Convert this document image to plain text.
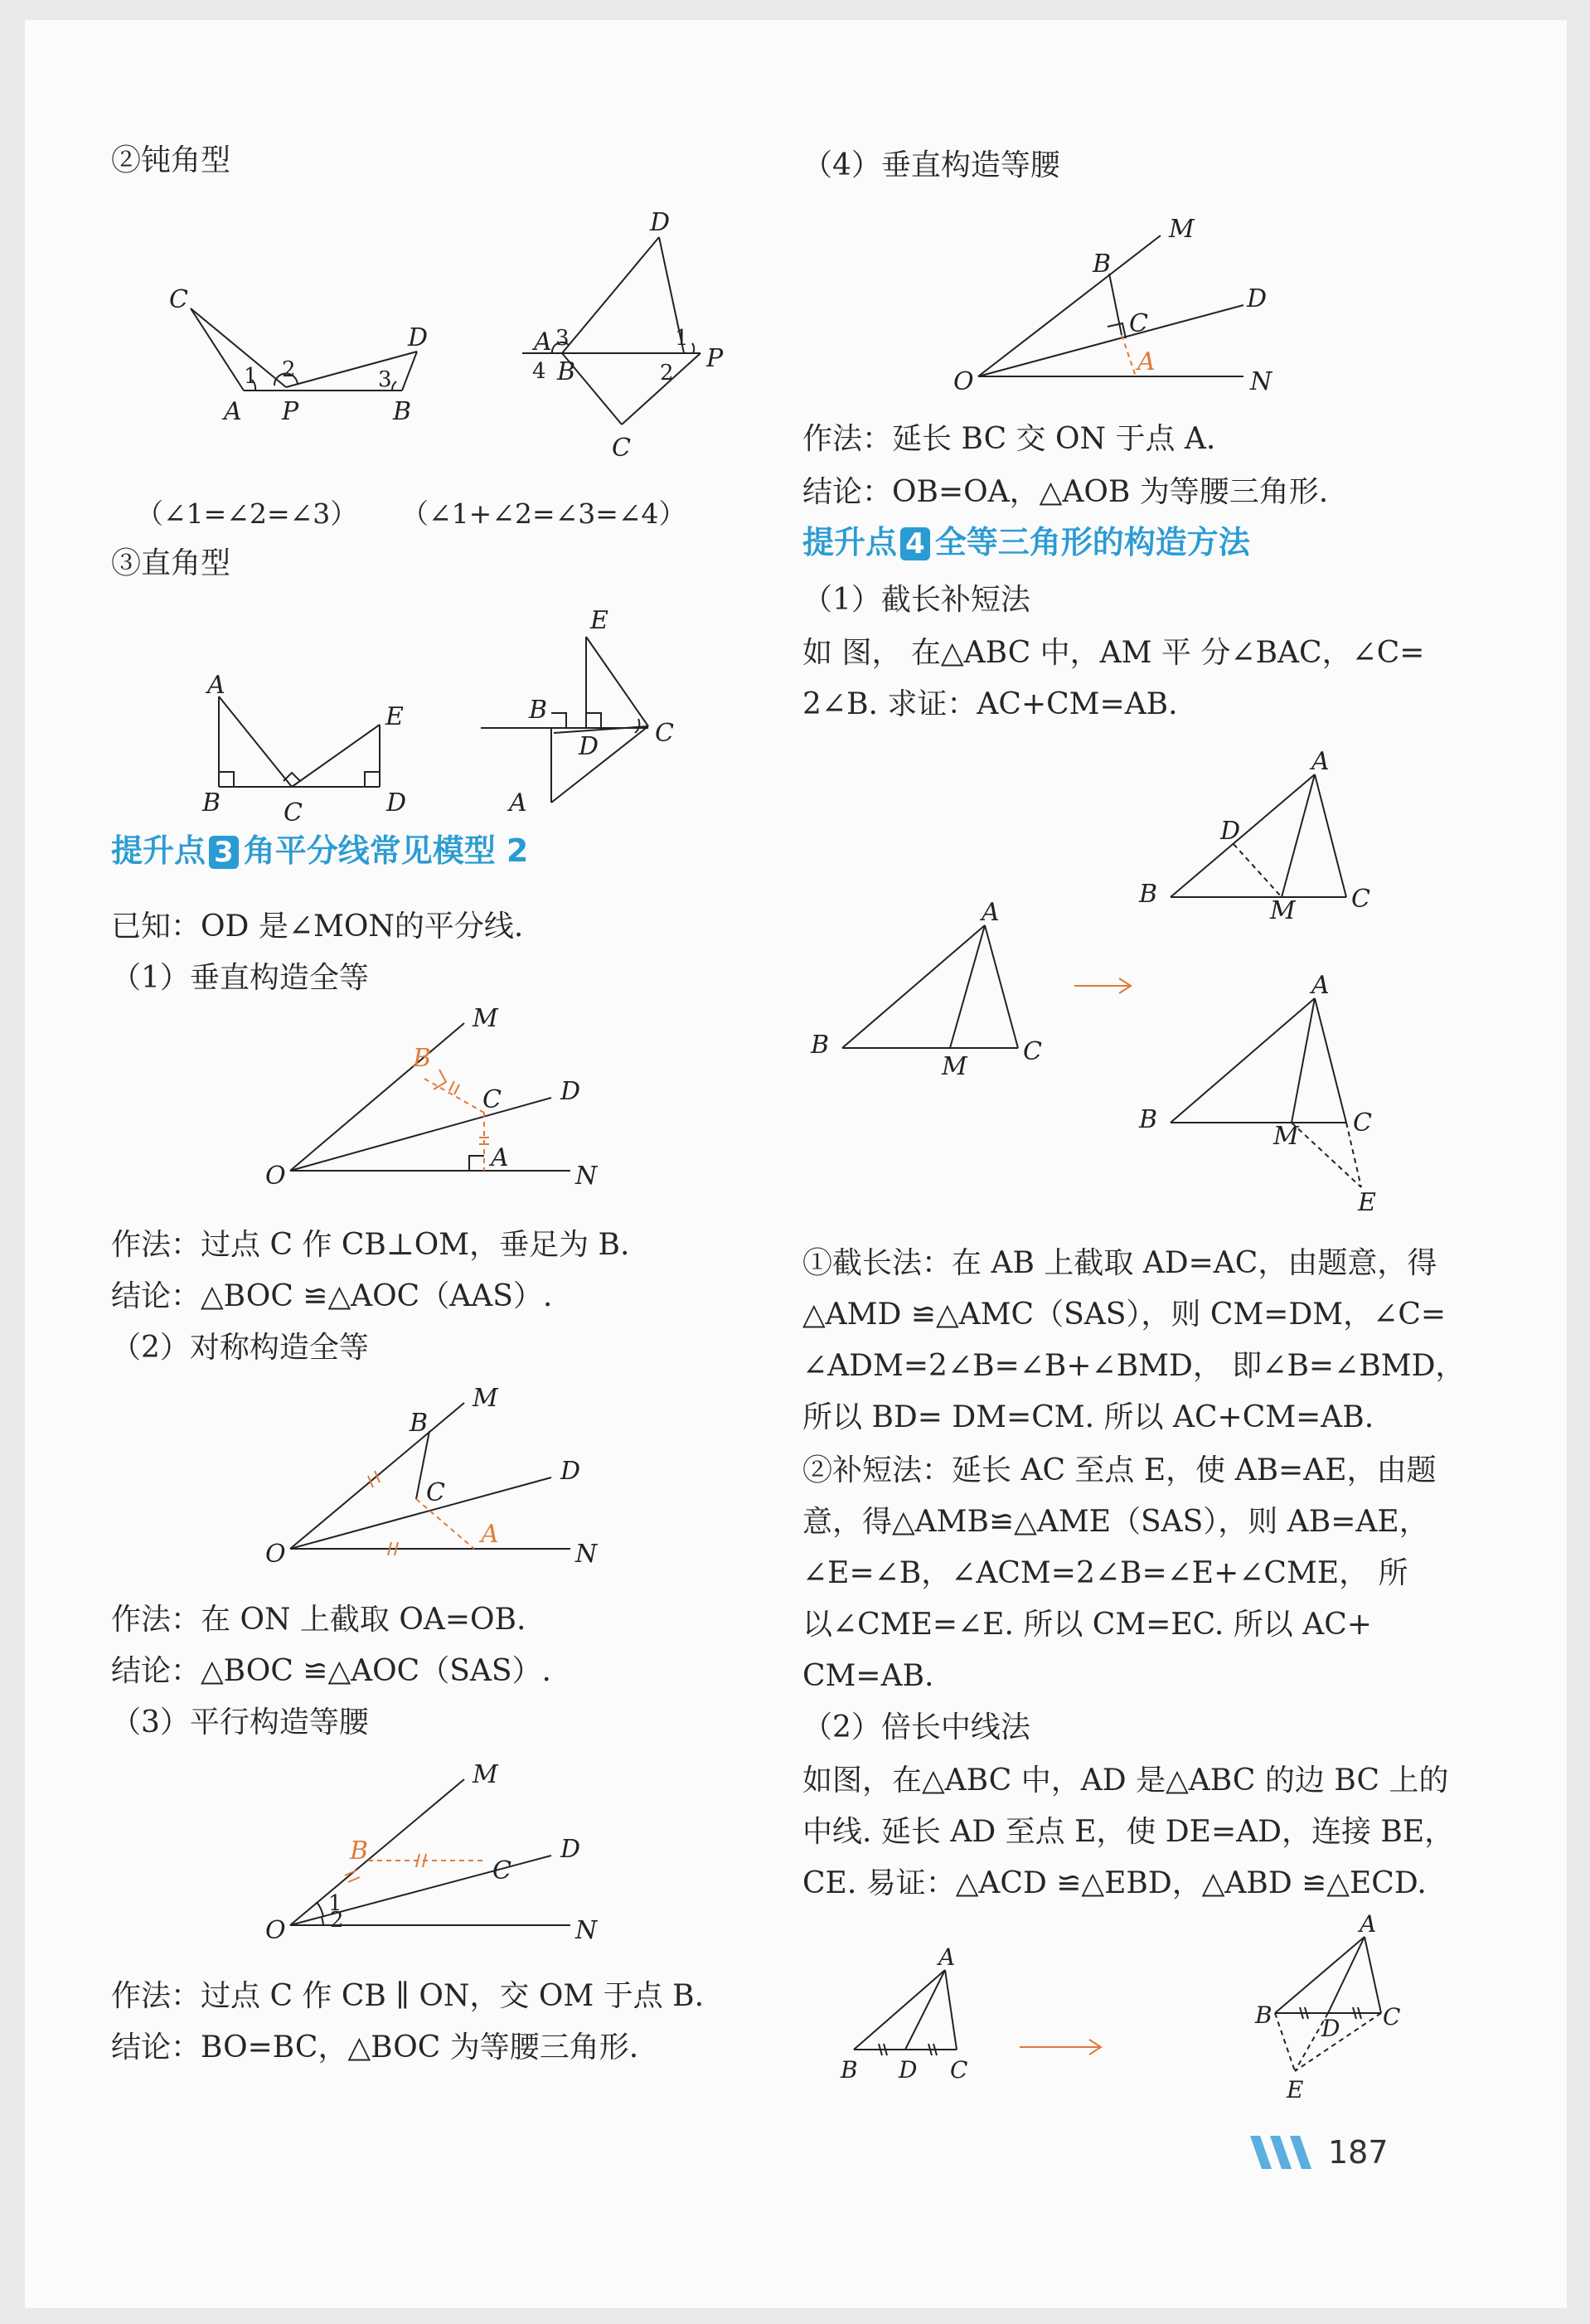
②钝角型
C
1 2	3
D
A P	B
D
3
A	1
P
4 B	2
C
（∠1=∠2=∠3） （∠1+∠2=∠3=∠4）
③直角型
A
E
B	C	D
E
B
D C
A
提升点 3 角平分线常见模型 2
已知：OD 是∠MON的平分线.
（1）垂直构造全等
M
B
C D
A
O	N
作法：过点 C 作 CB⊥OM，垂足为 B.
结论：△BOC ≌△AOC（AAS）.
（2）对称构造全等
M
B
C
D
A
O	N
作法：在 ON 上截取 OA=OB.
结论：△BOC ≌△AOC（SAS）.
（3）平行构造等腰
M
B
C
D
1
2
O	N
作法：过点 C 作 CB ∥ ON，交 OM 于点 B.
结论：BO=BC，△BOC 为等腰三角形.
（4）垂直构造等腰
M
B
C
D
A
O	N
作法：延长 BC 交 ON 于点 A.
结论：OB=OA，△AOB 为等腰三角形.
提升点 4 全等三角形的构造方法
（1）截长补短法
如 图， 在△ABC 中，AM 平 分∠BAC，∠C=
2∠B. 求证：AC+CM=AB.
A
D
B
M C
A
B
M
C
A
B
M C
E
①截长法：在 AB 上截取 AD=AC，由题意，得
△AMD ≌△AMC（SAS），则 CM=DM，∠C=
∠ADM=2∠B=∠B+∠BMD， 即∠B=∠BMD，
所以 BD= DM=CM. 所以 AC+CM=AB.
②补短法：延长 AC 至点 E，使 AB=AE，由题
意，得△AMB≌△AME（SAS），则 AB=AE，
∠E=∠B，∠ACM=2∠B=∠E+∠CME， 所
以∠CME=∠E. 所以 CM=EC. 所以 AC+
CM=AB.
（2）倍长中线法
如图，在△ABC 中，AD 是△ABC 的边 BC 上的
中线. 延长 AD 至点 E，使 DE=AD，连接 BE，
CE. 易证：△ACD ≌△EBD，△ABD ≌△ECD.
A
B D C
A
B D C
E
187
